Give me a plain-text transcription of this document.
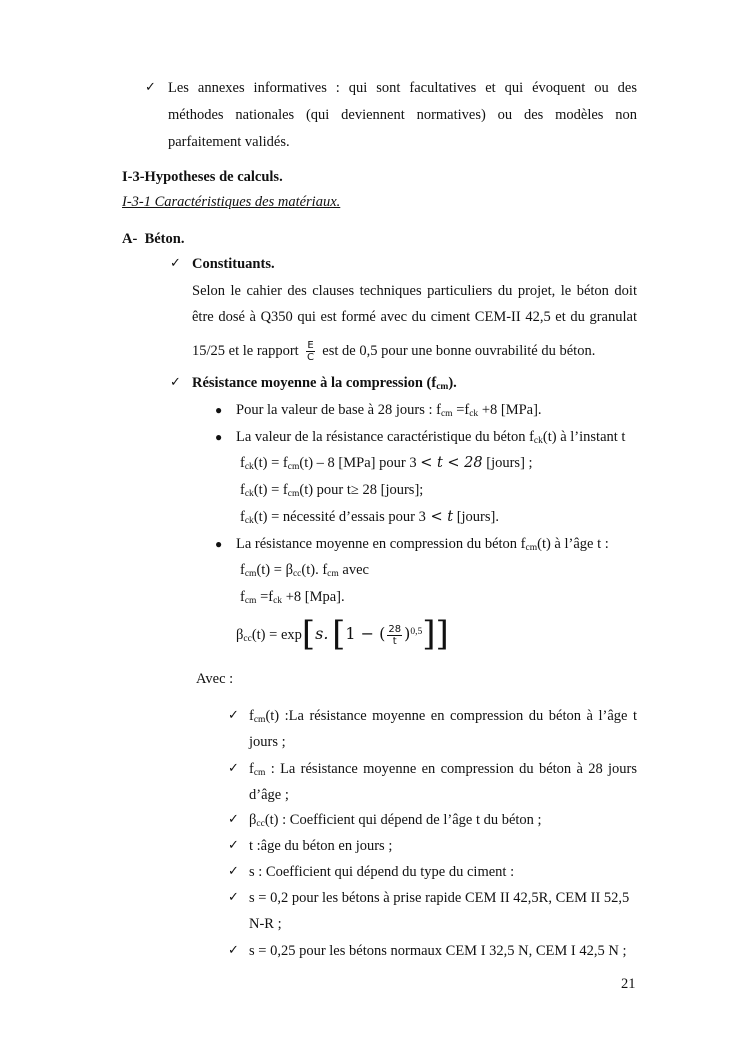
✓ Les annexes informatives : qui sont facultatives et qui évoquent ou des
méthodes nationales (qui deviennent normatives) ou des modèles non
parfaitement validés.
I-3-Hypotheses de calculs.
I-3-1 Caractéristiques des matériaux.
A- Béton.
✓ Constituants.
Selon le cahier des clauses techniques particuliers du projet, le béton doit
être dosé à Q350 qui est formé avec du ciment CEM-II 42,5 et du granulat
15/25 et le rapport $\frac{E}{C}$ est de 0,5 pour une bonne ouvrabilité du béton.
✓ Résistance moyenne à la compression $(f_{cm})$.
● Pour la valeur de base à 28 jours : $f_{cm} =f_{ck} +8$ [MPa].
● La valeur de la résistance caractéristique du béton $f_{ck}(t)$ à l’instant t
$f_{ck}(t) = f_{cm}(t) - 8$ [MPa] pour 3 < t < 28 [jours] ;
$f_{ck}(t) = f_{cm}(t)$ pour t≥ 28 [jours];
$f_{ck}(t)$ = nécessité d’essais pour 3 < t [jours].
● La résistance moyenne en compression du béton $f_{cm}(t)$ à l’âge t :
$f_{cm}(t) = \beta_{cc}(t)$. $f_{cm}$ avec
$f_{cm} =f_{ck} +8$ [Mpa].
$\beta_{cc}(t) = \exp[s$. [1 − ( $\frac{28}{t} )^{0,5}$]]
Avec :
✓ $f_{cm}(t)$ :La résistance moyenne en compression du béton à l’âge t
jours ;
✓ $f_{cm}$ : La résistance moyenne en compression du béton à 28 jours
d’âge ;
✓ $\beta_{cc}(t)$ : Coefficient qui dépend de l’âge t du béton ;
✓ t :âge du béton en jours ;
✓ s : Coefficient qui dépend du type du ciment :
✓ s = 0,2 pour les bétons à prise rapide CEM II 42,5R, CEM II 52,5
N-R ;
✓ s = 0,25 pour les bétons normaux CEM I 32,5 N, CEM I 42,5 N ;
21
